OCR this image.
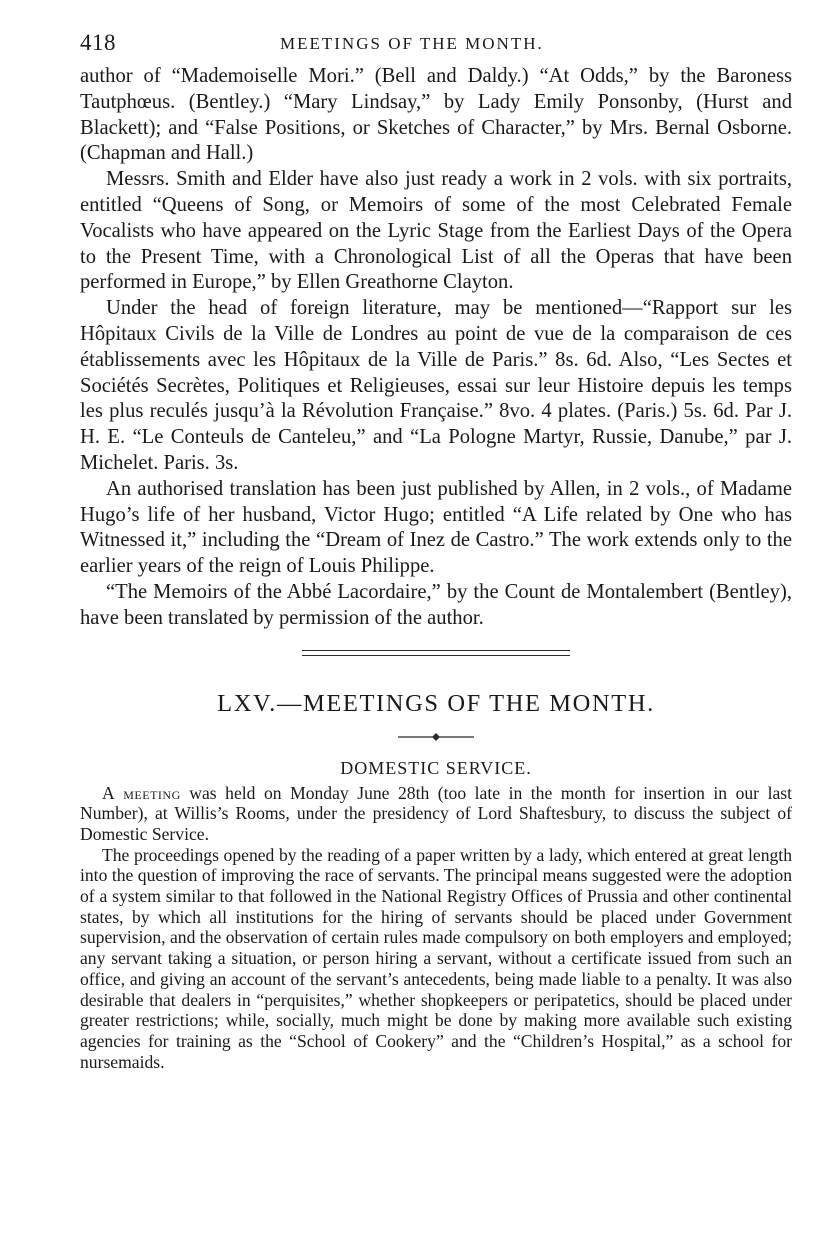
418	MEETINGS OF THE MONTH.

author of “Mademoiselle Mori.” (Bell and Daldy.) “At Odds,” by the Baroness Tautphœus. (Bentley.) “Mary Lindsay,” by Lady Emily Ponsonby, (Hurst and Blackett); and “False Positions, or Sketches of Character,” by Mrs. Bernal Osborne. (Chapman and Hall.)

Messrs. Smith and Elder have also just ready a work in 2 vols. with six portraits, entitled “Queens of Song, or Memoirs of some of the most Celebrated Female Vocalists who have appeared on the Lyric Stage from the Earliest Days of the Opera to the Present Time, with a Chronological List of all the Operas that have been performed in Europe,” by Ellen Greathorne Clayton.

Under the head of foreign literature, may be mentioned—“Rapport sur les Hôpitaux Civils de la Ville de Londres au point de vue de la comparaison de ces établissements avec les Hôpitaux de la Ville de Paris.” 8s. 6d. Also, “Les Sectes et Sociétés Secrètes, Politiques et Religieuses, essai sur leur Histoire depuis les temps les plus reculés jusqu’à la Révolution Française.” 8vo. 4 plates. (Paris.) 5s. 6d. Par J. H. E. “Le Conteuls de Canteleu,” and “La Pologne Martyr, Russie, Danube,” par J. Michelet. Paris. 3s.

An authorised translation has been just published by Allen, in 2 vols., of Madame Hugo’s life of her husband, Victor Hugo; entitled “A Life related by One who has Witnessed it,” including the “Dream of Inez de Castro.” The work extends only to the earlier years of the reign of Louis Philippe.

“The Memoirs of the Abbé Lacordaire,” by the Count de Montalembert (Bentley), have been translated by permission of the author.

LXV.—MEETINGS OF THE MONTH.
DOMESTIC SERVICE.

A meeting was held on Monday June 28th (too late in the month for insertion in our last Number), at Willis’s Rooms, under the presidency of Lord Shaftesbury, to discuss the subject of Domestic Service.

The proceedings opened by the reading of a paper written by a lady, which entered at great length into the question of improving the race of servants. The principal means suggested were the adoption of a system similar to that followed in the National Registry Offices of Prussia and other continental states, by which all institutions for the hiring of servants should be placed under Government supervision, and the observation of certain rules made compulsory on both employers and employed; any servant taking a situation, or person hiring a servant, without a certificate issued from such an office, and giving an account of the servant’s antecedents, being made liable to a penalty. It was also desirable that dealers in “perquisites,” whether shopkeepers or peripatetics, should be placed under greater restrictions; while, socially, much might be done by making more available such existing agencies for training as the “School of Cookery” and the “Children’s Hospital,” as a school for nursemaids.
